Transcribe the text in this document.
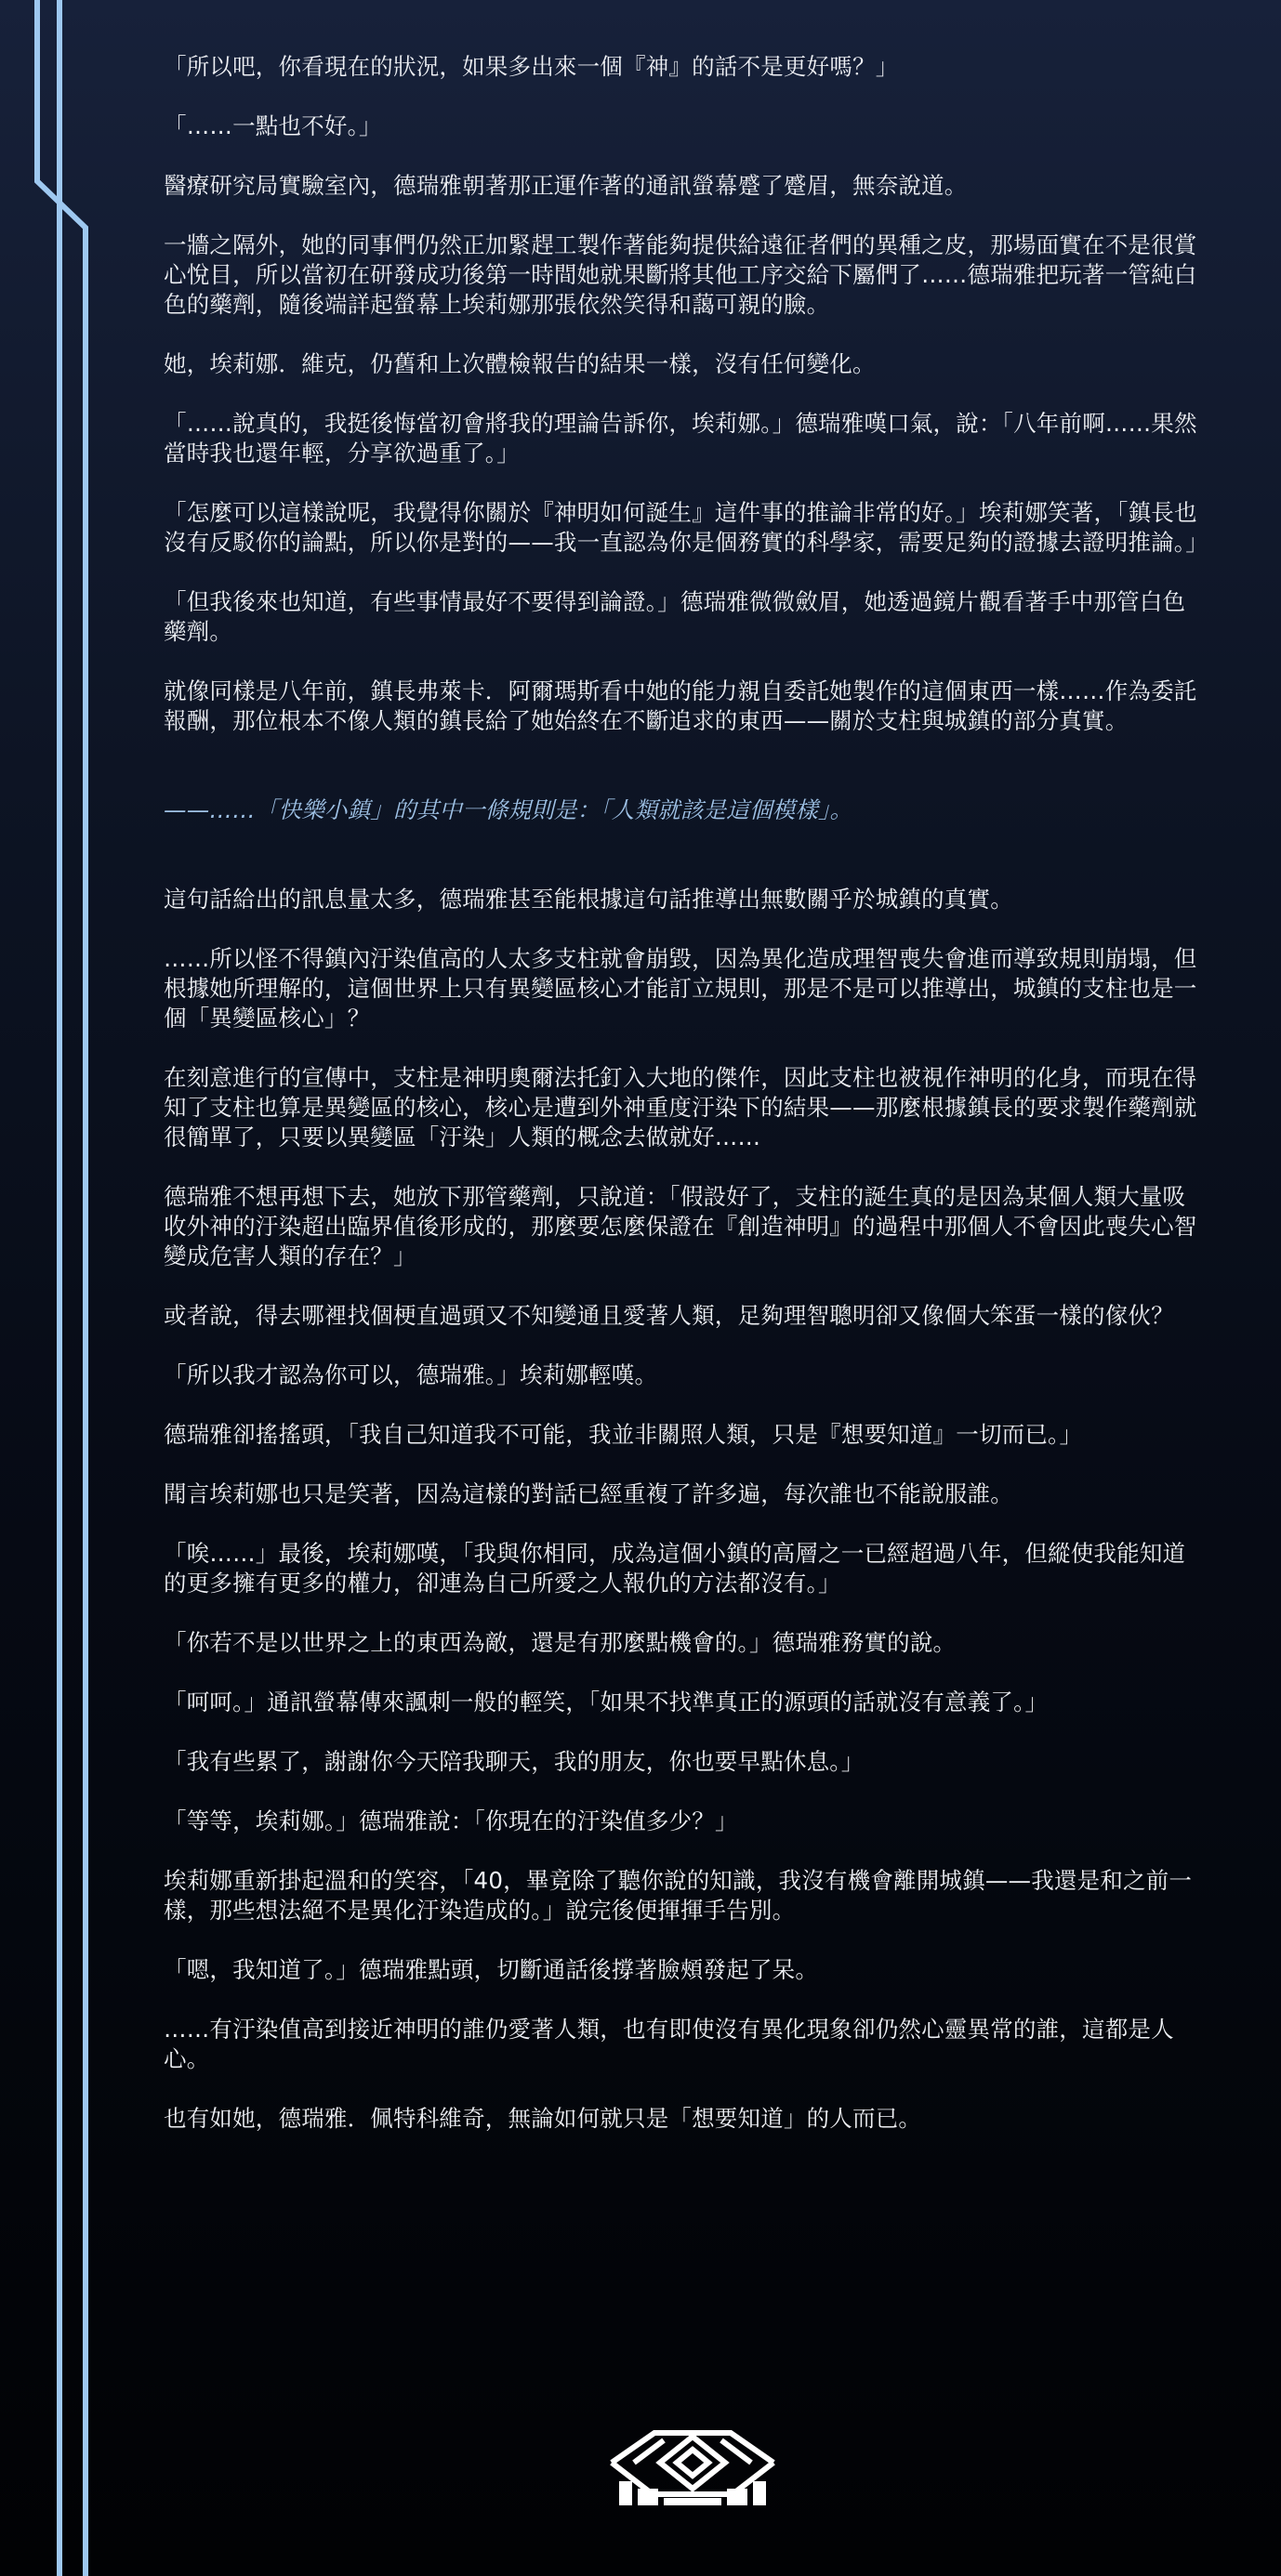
「所以吧，你看現在的狀況，如果多出來一個『神』的話不是更好嗎？」

「……一點也不好。」

醫療研究局實驗室內，德瑞雅朝著那正運作著的通訊螢幕蹙了蹙眉，無奈說道。

一牆之隔外，她的同事們仍然正加緊趕工製作著能夠提供給遠征者們的異種之皮，那場面實在不是很賞心悅目，所以當初在研發成功後第一時間她就果斷將其他工序交給下屬們了……德瑞雅把玩著一管純白色的藥劑，隨後端詳起螢幕上埃莉娜那張依然笑得和藹可親的臉。

她，埃莉娜．維克，仍舊和上次體檢報告的結果一樣，沒有任何變化。

「……說真的，我挺後悔當初會將我的理論告訴你，埃莉娜。」德瑞雅嘆口氣，說：「八年前啊……果然當時我也還年輕，分享欲過重了。」

「怎麼可以這樣說呢，我覺得你關於『神明如何誕生』這件事的推論非常的好。」埃莉娜笑著，「鎮長也沒有反駁你的論點，所以你是對的——我一直認為你是個務實的科學家，需要足夠的證據去證明推論。」

「但我後來也知道，有些事情最好不要得到論證。」德瑞雅微微斂眉，她透過鏡片觀看著手中那管白色藥劑。

就像同樣是八年前，鎮長弗萊卡．阿爾瑪斯看中她的能力親自委託她製作的這個東西一樣……作為委託報酬，那位根本不像人類的鎮長給了她始終在不斷追求的東西——關於支柱與城鎮的部分真實。

——……「快樂小鎮」的其中一條規則是：「人類就該是這個模樣」。

這句話給出的訊息量太多，德瑞雅甚至能根據這句話推導出無數關乎於城鎮的真實。

……所以怪不得鎮內汙染值高的人太多支柱就會崩毀，因為異化造成理智喪失會進而導致規則崩塌，但根據她所理解的，這個世界上只有異變區核心才能訂立規則，那是不是可以推導出，城鎮的支柱也是一個「異變區核心」？

在刻意進行的宣傳中，支柱是神明奧爾法托釘入大地的傑作，因此支柱也被視作神明的化身，而現在得知了支柱也算是異變區的核心，核心是遭到外神重度汙染下的結果——那麼根據鎮長的要求製作藥劑就很簡單了，只要以異變區「汙染」人類的概念去做就好……

德瑞雅不想再想下去，她放下那管藥劑，只說道：「假設好了，支柱的誕生真的是因為某個人類大量吸收外神的汙染超出臨界值後形成的，那麼要怎麼保證在『創造神明』的過程中那個人不會因此喪失心智變成危害人類的存在？」

或者說，得去哪裡找個梗直過頭又不知變通且愛著人類，足夠理智聰明卻又像個大笨蛋一樣的傢伙？

「所以我才認為你可以，德瑞雅。」埃莉娜輕嘆。

德瑞雅卻搖搖頭，「我自己知道我不可能，我並非關照人類，只是『想要知道』一切而已。」

聞言埃莉娜也只是笑著，因為這樣的對話已經重複了許多遍，每次誰也不能說服誰。

「唉……」最後，埃莉娜嘆，「我與你相同，成為這個小鎮的高層之一已經超過八年，但縱使我能知道的更多擁有更多的權力，卻連為自己所愛之人報仇的方法都沒有。」

「你若不是以世界之上的東西為敵，還是有那麼點機會的。」德瑞雅務實的說。

「呵呵。」通訊螢幕傳來諷刺一般的輕笑，「如果不找準真正的源頭的話就沒有意義了。」

「我有些累了，謝謝你今天陪我聊天，我的朋友，你也要早點休息。」

「等等，埃莉娜。」德瑞雅說：「你現在的汙染值多少？」

埃莉娜重新掛起溫和的笑容，「40，畢竟除了聽你說的知識，我沒有機會離開城鎮——我還是和之前一樣，那些想法絕不是異化汙染造成的。」說完後便揮揮手告別。

「嗯，我知道了。」德瑞雅點頭，切斷通話後撐著臉頰發起了呆。

……有汙染值高到接近神明的誰仍愛著人類，也有即使沒有異化現象卻仍然心靈異常的誰，這都是人心。

也有如她，德瑞雅．佩特科維奇，無論如何就只是「想要知道」的人而已。
